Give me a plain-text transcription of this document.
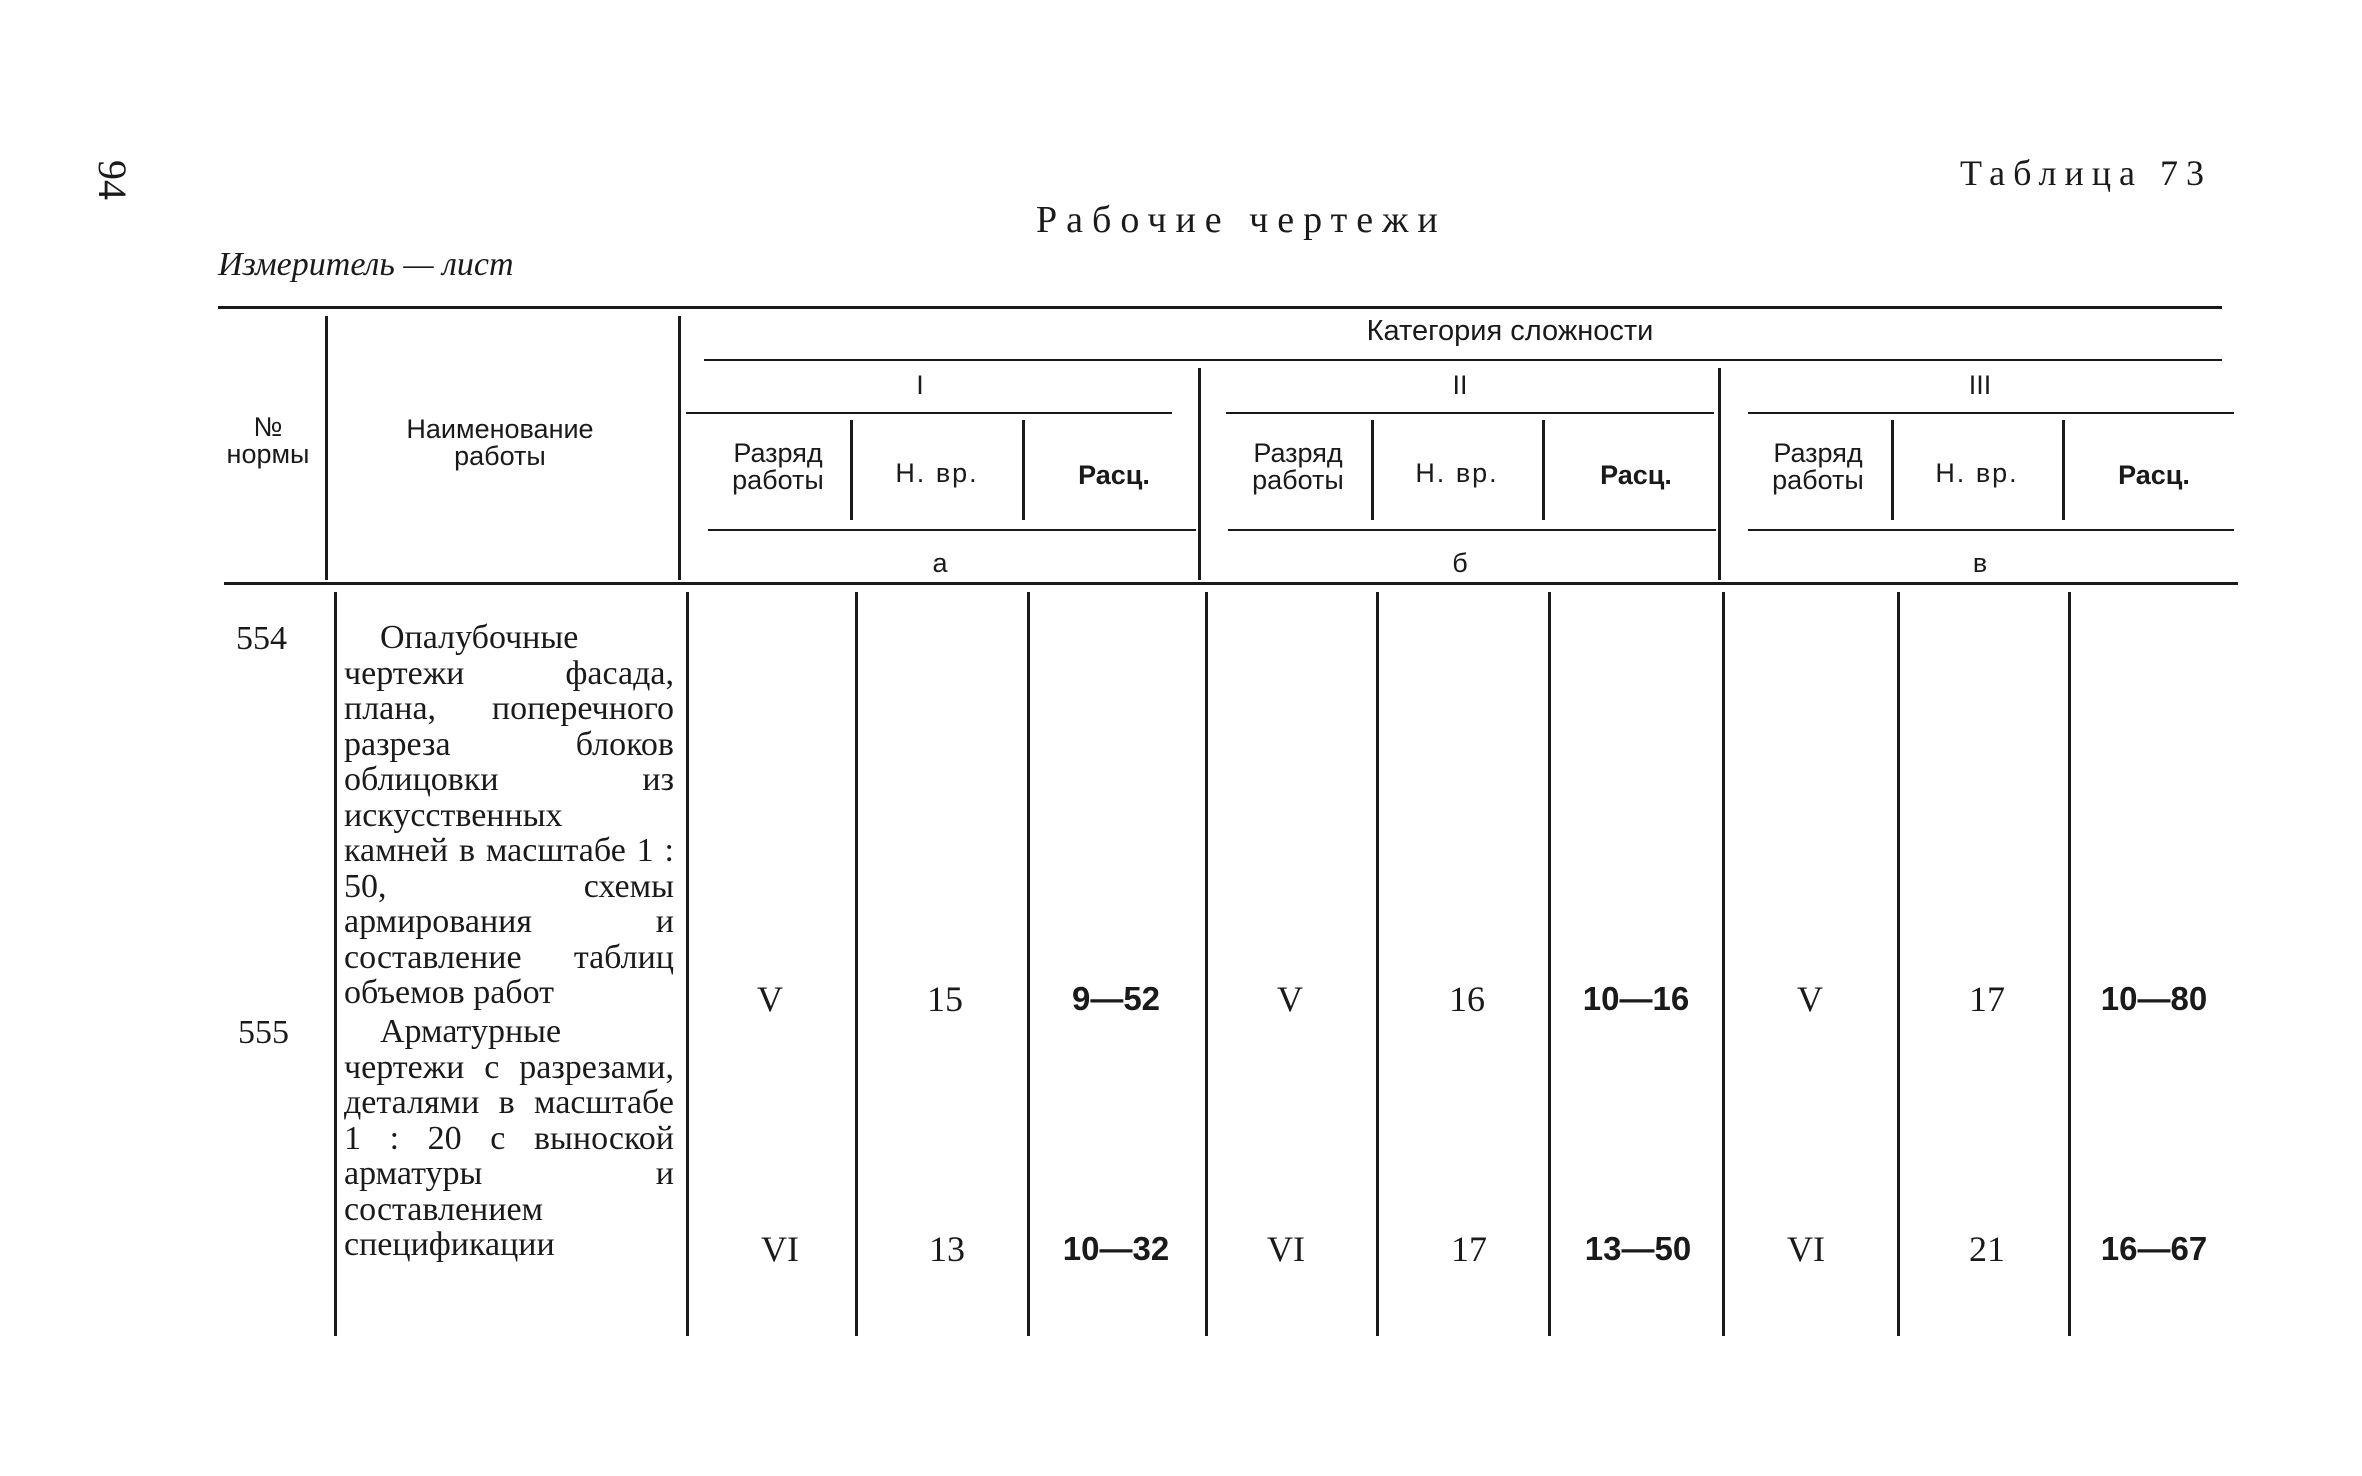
94	Таблица 73
Рабочие чертежи
Измеритель — лист
№ нормы
Наименование работы
Категория сложности
I	II	III
Разряд работы	Н. вр.	Расц.
Разряд работы	Н. вр.	Расц.
Разряд работы	Н. вр.	Расц.
а	б	в
554	Опалубочные чертежи фасада, плана, поперечного разреза блоков облицовки из искусственных камней в масштабе 1 : 50, схемы армирования и составление таблиц объемов работ	V	15	9—52	V	16	10—16	V	17	10—80
555	Арматурные чертежи с разрезами, деталями в масштабе 1 : 20 с выноской арматуры и составлением спецификации	VI	13	10—32	VI	17	13—50	VI	21	16—67
